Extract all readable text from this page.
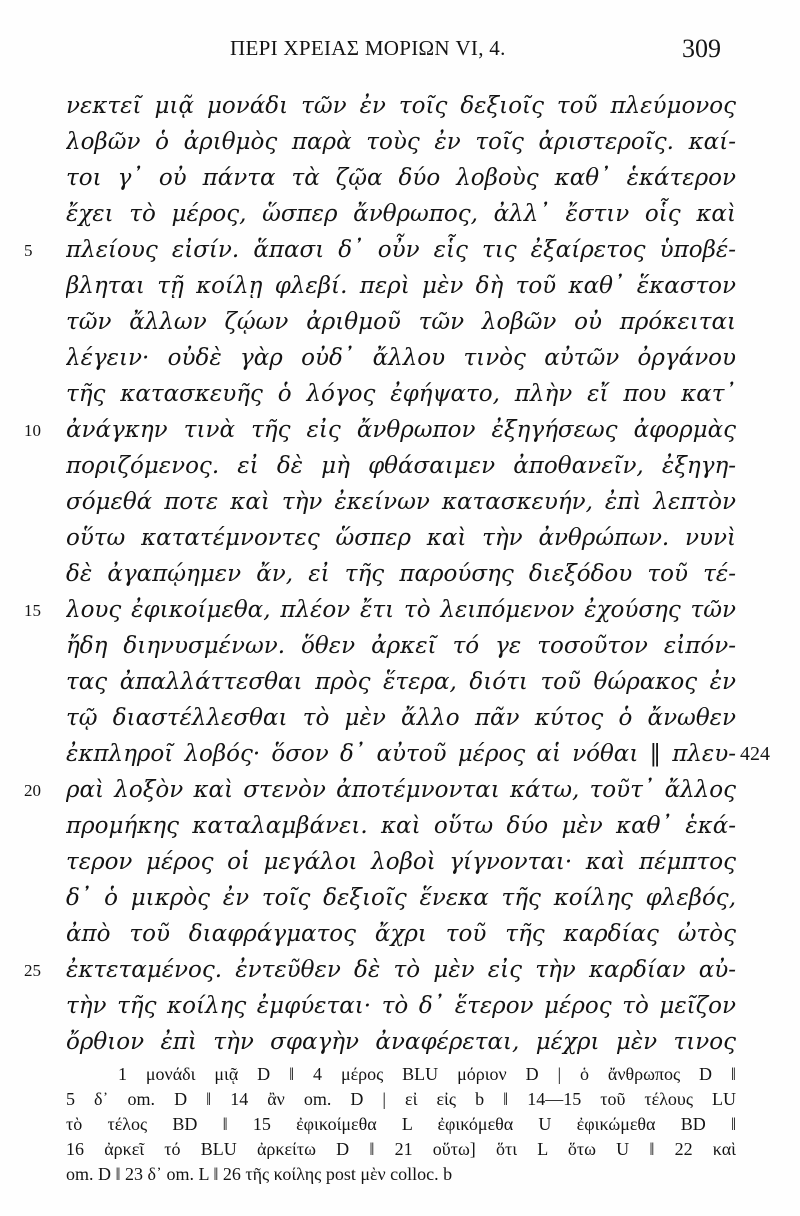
ΠΕΡΙ ΧΡΕΙΑΣ ΜΟΡΙΩΝ VI, 4.	309
νεκτεῖ μιᾷ μονάδι τῶν ἐν τοῖς δεξιοῖς τοῦ πλεύμονος
λοβῶν ὁ ἀριθμὸς παρὰ τοὺς ἐν τοῖς ἀριστεροῖς. καί-
τοι γ᾽ οὐ πάντα τὰ ζῷα δύο λοβοὺς καθ᾽ ἑκάτερον
ἔχει τὸ μέρος, ὥσπερ ἄνθρωπος, ἀλλ᾽ ἔστιν οἷς καὶ
5	πλείους εἰσίν. ἅπασι δ᾽ οὖν εἷς τις ἐξαίρετος ὑποβέ-
βληται τῇ κοίλῃ φλεβί. περὶ μὲν δὴ τοῦ καθ᾽ ἕκαστον
τῶν ἄλλων ζῴων ἀριθμοῦ τῶν λοβῶν οὐ πρόκειται
λέγειν· οὐδὲ γὰρ οὐδ᾽ ἄλλου τινὸς αὐτῶν ὀργάνου
τῆς κατασκευῆς ὁ λόγος ἐφήψατο, πλὴν εἴ που κατ᾽
10	ἀνάγκην τινὰ τῆς εἰς ἄνθρωπον ἐξηγήσεως ἀφορμὰς
ποριζόμενος. εἰ δὲ μὴ φθάσαιμεν ἀποθανεῖν, ἐξηγη-
σόμεθά ποτε καὶ τὴν ἐκείνων κατασκευήν, ἐπὶ λεπτὸν
οὕτω κατατέμνοντες ὥσπερ καὶ τὴν ἀνθρώπων. νυνὶ
δὲ ἀγαπῴημεν ἄν, εἰ τῆς παρούσης διεξόδου τοῦ τέ-
15	λους ἐφικοίμεθα, πλέον ἔτι τὸ λειπόμενον ἐχούσης τῶν
ἤδη διηνυσμένων. ὅθεν ἀρκεῖ τό γε τοσοῦτον εἰπόν-
τας ἀπαλλάττεσθαι πρὸς ἕτερα, διότι τοῦ θώρακος ἐν
τῷ διαστέλλεσθαι τὸ μὲν ἄλλο πᾶν κύτος ὁ ἄνωθεν
ἐκπληροῖ λοβός· ὅσον δ᾽ αὐτοῦ μέρος αἱ νόθαι ‖ πλευ- 424
20	ραὶ λοξὸν καὶ στενὸν ἀποτέμνονται κάτω, τοῦτ᾽ ἄλλος
προμήκης καταλαμβάνει. καὶ οὕτω δύο μὲν καθ᾽ ἑκά-
τερον μέρος οἱ μεγάλοι λοβοὶ γίγνονται· καὶ πέμπτος
δ᾽ ὁ μικρὸς ἐν τοῖς δεξιοῖς ἕνεκα τῆς κοίλης φλεβός,
ἀπὸ τοῦ διαφράγματος ἄχρι τοῦ τῆς καρδίας ὠτὸς
25	ἐκτεταμένος. ἐντεῦθεν δὲ τὸ μὲν εἰς τὴν καρδίαν αὐ-
τὴν τῆς κοίλης ἐμφύεται· τὸ δ᾽ ἕτερον μέρος τὸ μεῖζον
ὄρθιον ἐπὶ τὴν σφαγὴν ἀναφέρεται, μέχρι μὲν τινος
1 μονάδι μιᾷ D ‖ 4 μέρος BLU μόριον D | ὁ ἄνθρωπος D ‖
5 δ᾽ om. D ‖ 14 ἂν om. D | εἰ εἰς b ‖ 14—15 τοῦ τέλους LU
τὸ τέλος BD ‖ 15 ἐφικοίμεθα L ἐφικόμεθα U ἐφικώμεθα BD ‖
16 ἀρκεῖ τό BLU ἀρκείτω D ‖ 21 οὕτω] ὅτι L ὅτω U ‖ 22 καὶ
om. D ‖ 23 δ᾽ om. L ‖ 26 τῆς κοίλης post μὲν colloc. b
